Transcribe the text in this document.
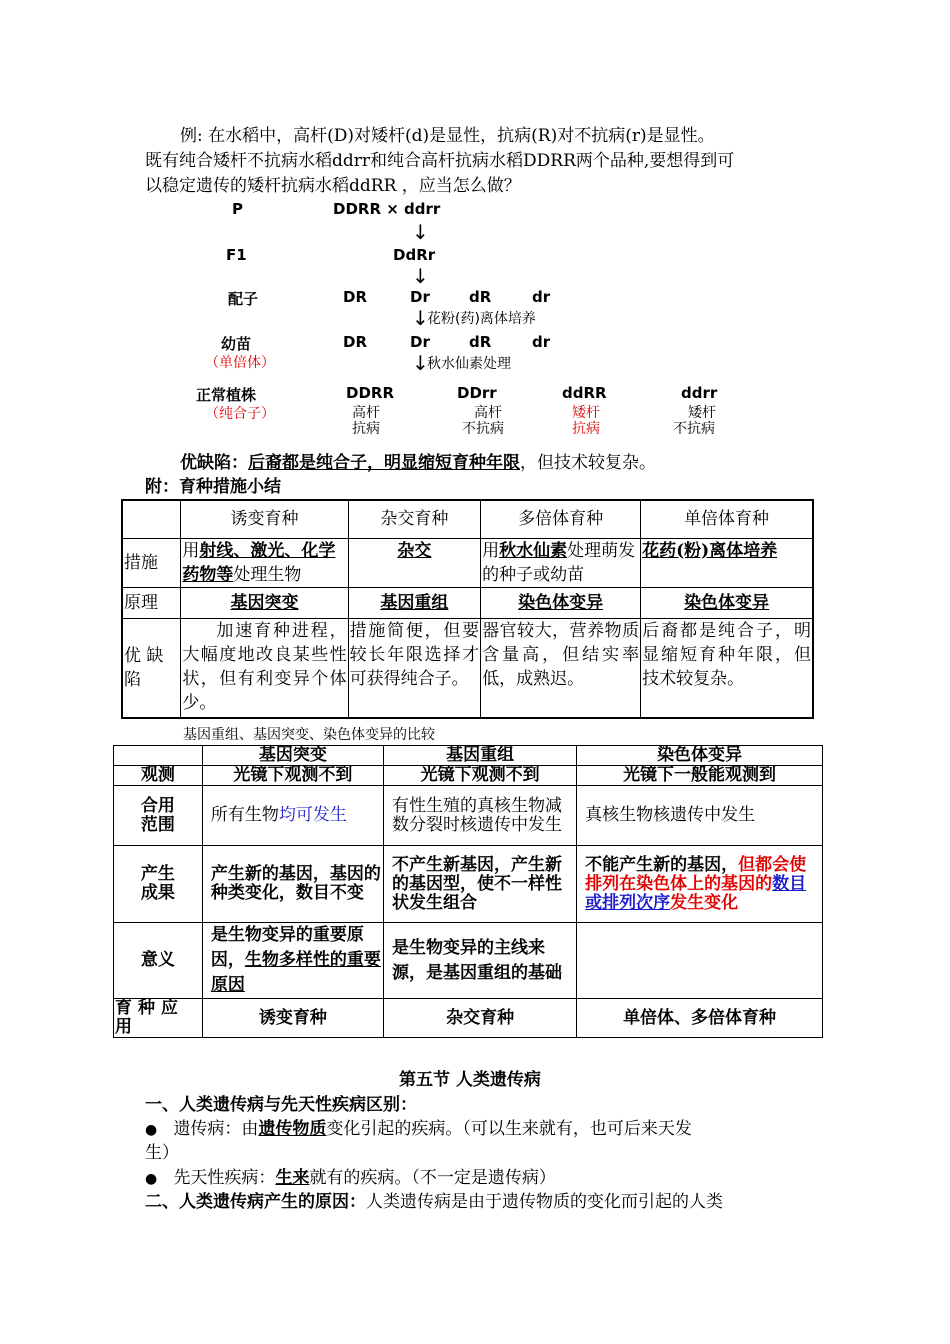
例: 在水稻中，高杆(D)对矮杆(d)是显性，抗病(R)对不抗病(r)是显性。
既有纯合矮杆不抗病水稻ddrr和纯合高杆抗病水稻DDRR两个品种,要想得到可
以稳定遗传的矮杆抗病水稻ddRR ，应当怎么做？
P	DDRR × ddrr
↓
F1	DdRr
↓
配子	DR	Dr	dR	dr
↓
花粉(药)离体培养
幼苗
（单倍体）
DR	Dr	dR	dr
↓
秋水仙素处理
正常植株
（纯合子）
DDRR
高杆
抗病
DDrr
高杆
不抗病
ddRR
矮杆
抗病
ddrr
矮杆
不抗病
优缺陷：后裔都是纯合子，明显缩短育种年限，但技术较复杂。
附：育种措施小结
	诱变育种	杂交育种	多倍体育种	单倍体育种
措施	用射线、激光、化学药物等处理生物	杂交	用秋水仙素处理萌发的种子或幼苗	花药(粉)离体培养
原理	基因突变	基因重组	染色体变异	染色体变异
优 缺陷	加速育种进程，大幅度地改良某些性状，但有利变异个体少。	措施简便，但要较长年限选择才可获得纯合子。	器官较大，营养物质含量高，但结实率低，成熟迟。	后裔都是纯合子，明显缩短育种年限，但技术较复杂。
基因重组、基因突变、染色体变异的比较
	基因突变	基因重组	染色体变异
观测	光镜下观测不到	光镜下观测不到	光镜下一般能观测到
合用范围	所有生物均可发生	有性生殖的真核生物减数分裂时核遗传中发生	真核生物核遗传中发生
产生成果	产生新的基因，基因的种类变化，数目不变	不产生新基因，产生新的基因型，使不一样性状发生组合	不能产生新的基因，但都会使排列在染色体上的基因的数目或排列次序发生变化
意义	是生物变异的重要原因，生物多样性的重要原因	是生物变异的主线来源，是基因重组的基础	
育种应用	诱变育种	杂交育种	单倍体、多倍体育种
第五节 人类遗传病
一、人类遗传病与先天性疾病区别：
● 遗传病：由遗传物质变化引起的疾病。（可以生来就有，也可后来天发
生）
● 先天性疾病：生来就有的疾病。（不一定是遗传病）
二、人类遗传病产生的原因：人类遗传病是由于遗传物质的变化而引起的人类
